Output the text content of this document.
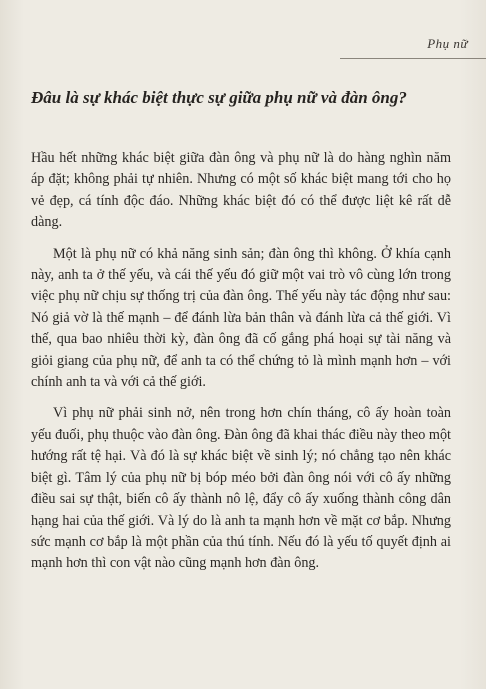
Phụ nữ
Đâu là sự khác biệt thực sự giữa phụ nữ và đàn ông?

Hầu hết những khác biệt giữa đàn ông và phụ nữ là do hàng nghìn năm áp đặt; không phải tự nhiên. Nhưng có một số khác biệt mang tới cho họ vẻ đẹp, cá tính độc đáo. Những khác biệt đó có thể được liệt kê rất dễ dàng.

Một là phụ nữ có khả năng sinh sản; đàn ông thì không. Ở khía cạnh này, anh ta ở thế yếu, và cái thế yếu đó giữ một vai trò vô cùng lớn trong việc phụ nữ chịu sự thống trị của đàn ông. Thế yếu này tác động như sau: Nó giả vờ là thế mạnh – để đánh lừa bản thân và đánh lừa cả thế giới. Vì thế, qua bao nhiêu thời kỳ, đàn ông đã cố gắng phá hoại sự tài năng và giỏi giang của phụ nữ, để anh ta có thể chứng tỏ là mình mạnh hơn – với chính anh ta và với cả thế giới.

Vì phụ nữ phải sinh nở, nên trong hơn chín tháng, cô ấy hoàn toàn yếu đuối, phụ thuộc vào đàn ông. Đàn ông đã khai thác điều này theo một hướng rất tệ hại. Và đó là sự khác biệt về sinh lý; nó chẳng tạo nên khác biệt gì. Tâm lý của phụ nữ bị bóp méo bởi đàn ông nói với cô ấy những điều sai sự thật, biến cô ấy thành nô lệ, đẩy cô ấy xuống thành công dân hạng hai của thế giới. Và lý do là anh ta mạnh hơn về mặt cơ bắp. Nhưng sức mạnh cơ bắp là một phần của thú tính. Nếu đó là yếu tố quyết định ai mạnh hơn thì con vật nào cũng mạnh hơn đàn ông.
